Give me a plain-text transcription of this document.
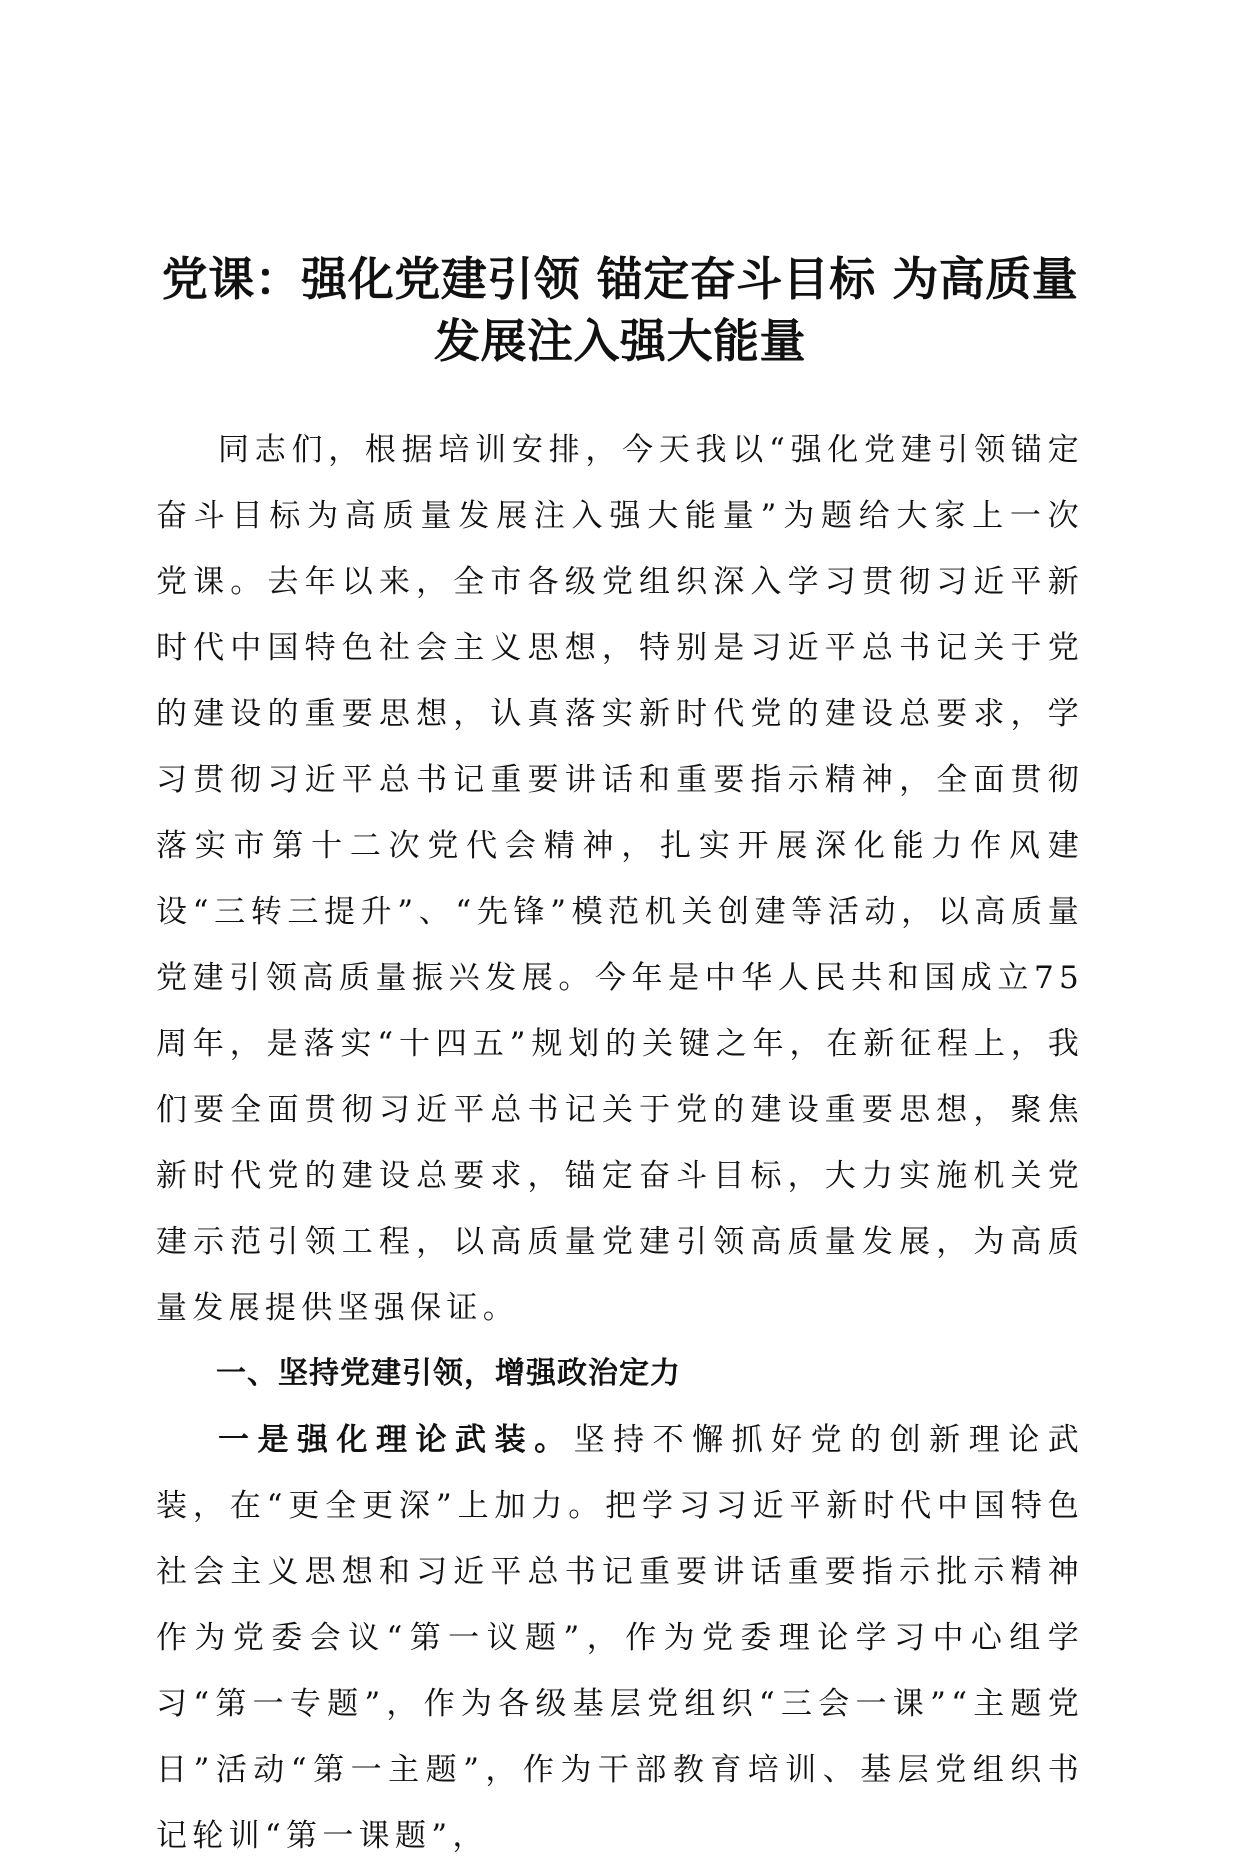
党课：强化党建引领 锚定奋斗目标 为高质量
发展注入强大能量

同志们，根据培训安排，今天我以“强化党建引领锚定奋斗目标为高质量发展注入强大能量”为题给大家上一次党课。去年以来，全市各级党组织深入学习贯彻习近平新时代中国特色社会主义思想，特别是习近平总书记关于党的建设的重要思想，认真落实新时代党的建设总要求，学习贯彻习近平总书记重要讲话和重要指示精神，全面贯彻落实市第十二次党代会精神，扎实开展深化能力作风建设“三转三提升”、“先锋”模范机关创建等活动，以高质量党建引领高质量振兴发展。今年是中华人民共和国成立75周年，是落实“十四五”规划的关键之年，在新征程上，我们要全面贯彻习近平总书记关于党的建设重要思想，聚焦新时代党的建设总要求，锚定奋斗目标，大力实施机关党建示范引领工程，以高质量党建引领高质量发展，为高质量发展提供坚强保证。

一、坚持党建引领，增强政治定力

一是强化理论武装。坚持不懈抓好党的创新理论武装，在“更全更深”上加力。把学习习近平新时代中国特色社会主义思想和习近平总书记重要讲话重要指示批示精神作为党委会议“第一议题”，作为党委理论学习中心组学习“第一专题”，作为各级基层党组织“三会一课”“主题党日”活动“第一主题”，作为干部教育培训、基层党组织书记轮训“第一课题”，
